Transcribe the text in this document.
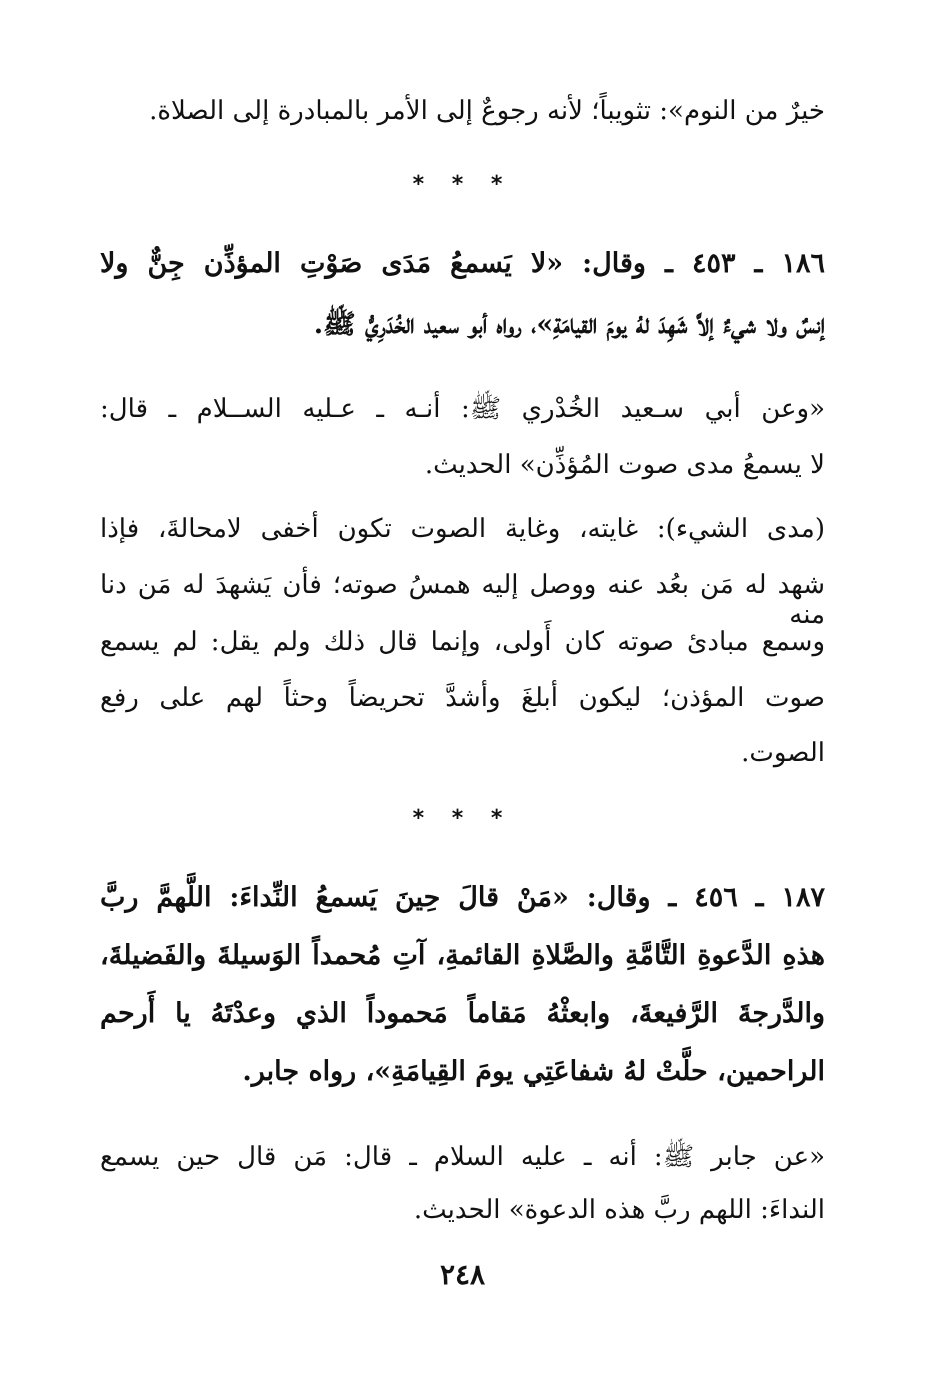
خيرٌ من النوم»: تثويباً؛ لأنه رجوعٌ إلى الأمر بالمبادرة إلى الصلاة.
* * *
١٨٦ ـ ٤٥٣ ـ وقال: «لا يَسمعُ مَدَى صَوْتِ المؤذِّن جِنٌّ ولا
إنسٌ ولا شيءٌ إلاَّ شَهِدَ لهُ يومَ القيامَةِ»، رواه أبو سعيد الخُدَرِيُّ ﷺ.
«وعن أبي سـعيد الخُدْري ﷺ: أنـه ـ عـليه الســلام ـ قال:
لا يسمعُ مدى صوت المُؤذِّن» الحديث.
(مدى الشيء): غايته، وغاية الصوت تكون أخفى لامحالةَ، فإذا
شهد له مَن بعُد عنه ووصل إليه همسُ صوته؛ فأن يَشهدَ له مَن دنا منه
وسمع مبادئ صوته كان أَولى، وإنما قال ذلك ولم يقل: لم يسمع
صوت المؤذن؛ ليكون أبلغَ وأشدَّ تحريضاً وحثاً لهم على رفع
الصوت.
* * *
١٨٧ ـ ٤٥٦ ـ وقال: «مَنْ قالَ حِينَ يَسمعُ النِّداءَ: اللَّهمَّ ربَّ
هذهِ الدَّعوةِ التَّامَّةِ والصَّلاةِ القائمةِ، آتِ مُحمداً الوَسيلةَ والفَضيلةَ،
والدَّرجةَ الرَّفيعةَ، وابعثْهُ مَقاماً مَحموداً الذي وعدْتَهُ يا أَرحم
الراحمين، حلَّتْ لهُ شفاعَتِي يومَ القِيامَةِ»، رواه جابر.
«عن جابر ﷺ: أنه ـ عليه السلام ـ قال: مَن قال حين يسمع
النداءَ: اللهم ربَّ هذه الدعوة» الحديث.
٢٤٨
